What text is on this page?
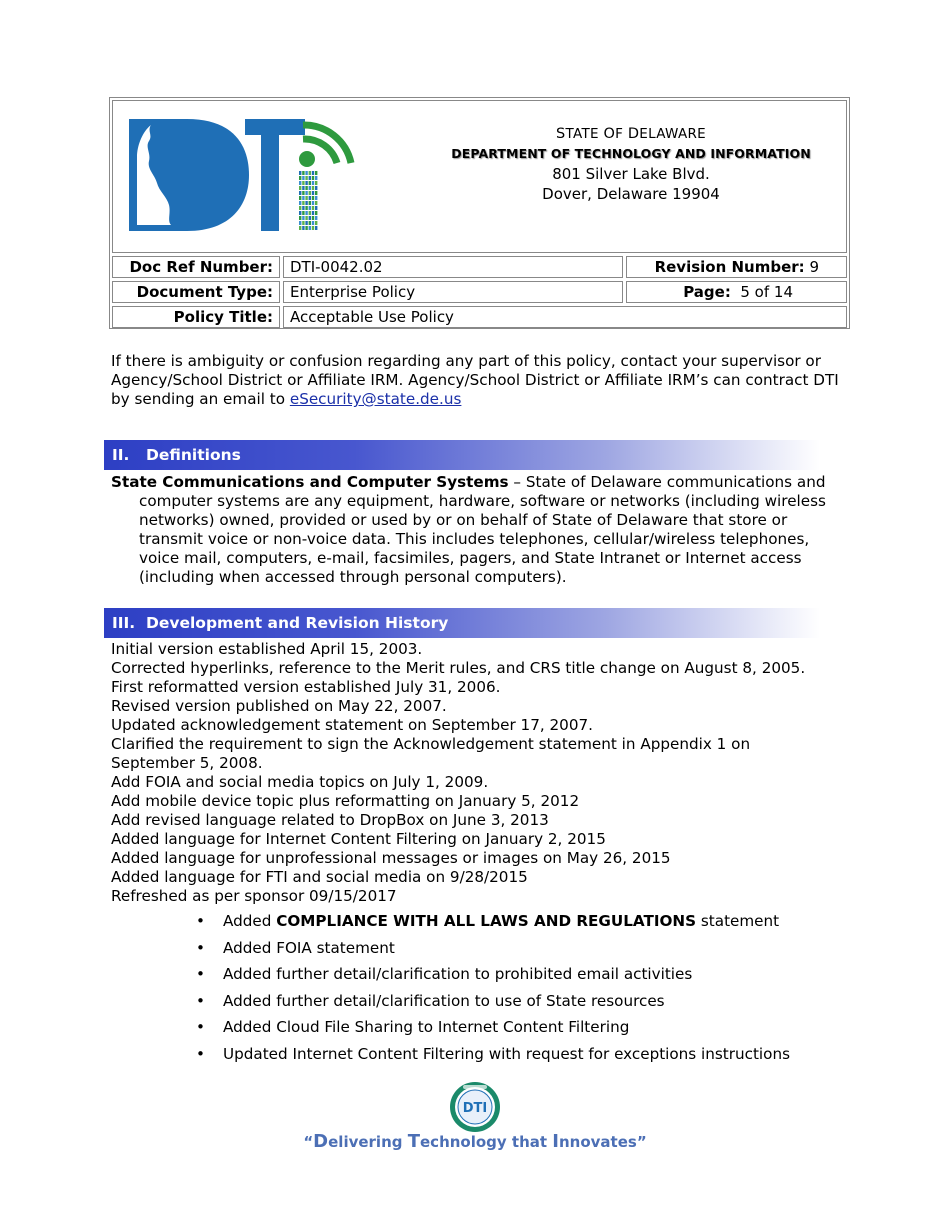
STATE OF DELAWARE
DEPARTMENT OF TECHNOLOGY AND INFORMATION
801 Silver Lake Blvd.
Dover, Delaware 19904
Doc Ref Number:	DTI-0042.02	Revision Number: 9
Document Type:	Enterprise Policy	Page: 5 of 14
Policy Title:	Acceptable Use Policy
If there is ambiguity or confusion regarding any part of this policy, contact your supervisor or Agency/School District or Affiliate IRM. Agency/School District or Affiliate IRM’s can contract DTI by sending an email to eSecurity@state.de.us
II. Definitions
State Communications and Computer Systems – State of Delaware communications and computer systems are any equipment, hardware, software or networks (including wireless networks) owned, provided or used by or on behalf of State of Delaware that store or transmit voice or non-voice data. This includes telephones, cellular/wireless telephones, voice mail, computers, e-mail, facsimiles, pagers, and State Intranet or Internet access (including when accessed through personal computers).
III. Development and Revision History
Initial version established April 15, 2003.
Corrected hyperlinks, reference to the Merit rules, and CRS title change on August 8, 2005.
First reformatted version established July 31, 2006.
Revised version published on May 22, 2007.
Updated acknowledgement statement on September 17, 2007.
Clarified the requirement to sign the Acknowledgement statement in Appendix 1 on
September 5, 2008.
Add FOIA and social media topics on July 1, 2009.
Add mobile device topic plus reformatting on January 5, 2012
Add revised language related to DropBox on June 3, 2013
Added language for Internet Content Filtering on January 2, 2015
Added language for unprofessional messages or images on May 26, 2015
Added language for FTI and social media on 9/28/2015
Refreshed as per sponsor 09/15/2017
• Added COMPLIANCE WITH ALL LAWS AND REGULATIONS statement
• Added FOIA statement
• Added further detail/clarification to prohibited email activities
• Added further detail/clarification to use of State resources
• Added Cloud File Sharing to Internet Content Filtering
• Updated Internet Content Filtering with request for exceptions instructions
DTI
“Delivering Technology that Innovates”
